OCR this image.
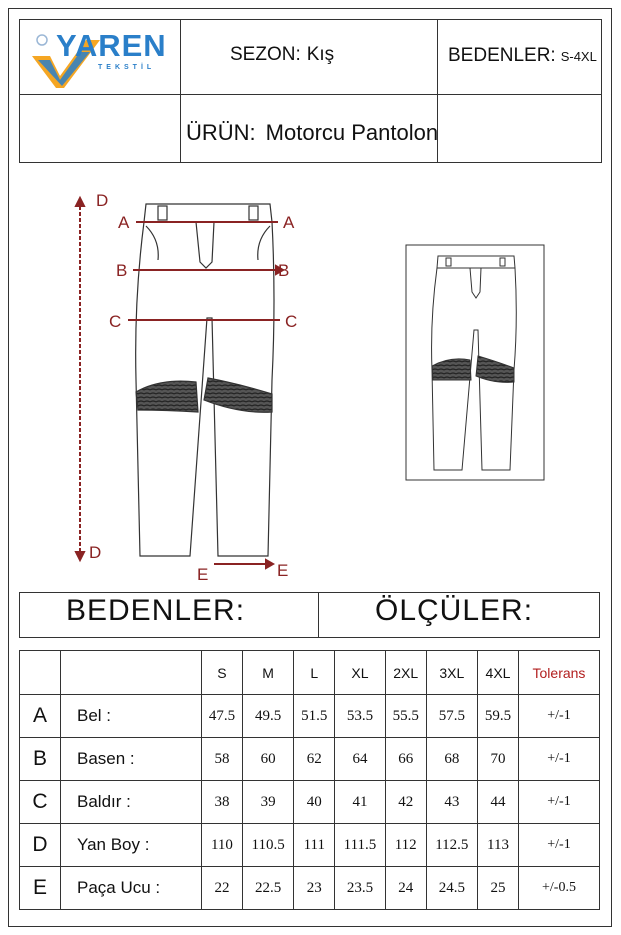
YAREN
TEKSTİL
SEZON: Kış	BEDENLER: S-4XL
ÜRÜN: Motorcu Pantolon
A	A
B	B
C	C
D
D
E	E
BEDENLER:	ÖLÇÜLER:
		S	M	L	XL	2XL	3XL	4XL	Tolerans
A	Bel :	47.5	49.5	51.5	53.5	55.5	57.5	59.5	+/-1
B	Basen :	58	60	62	64	66	68	70	+/-1
C	Baldır :	38	39	40	41	42	43	44	+/-1
D	Yan Boy :	110	110.5	111	111.5	112	112.5	113	+/-1
E	Paça Ucu :	22	22.5	23	23.5	24	24.5	25	+/-0.5
